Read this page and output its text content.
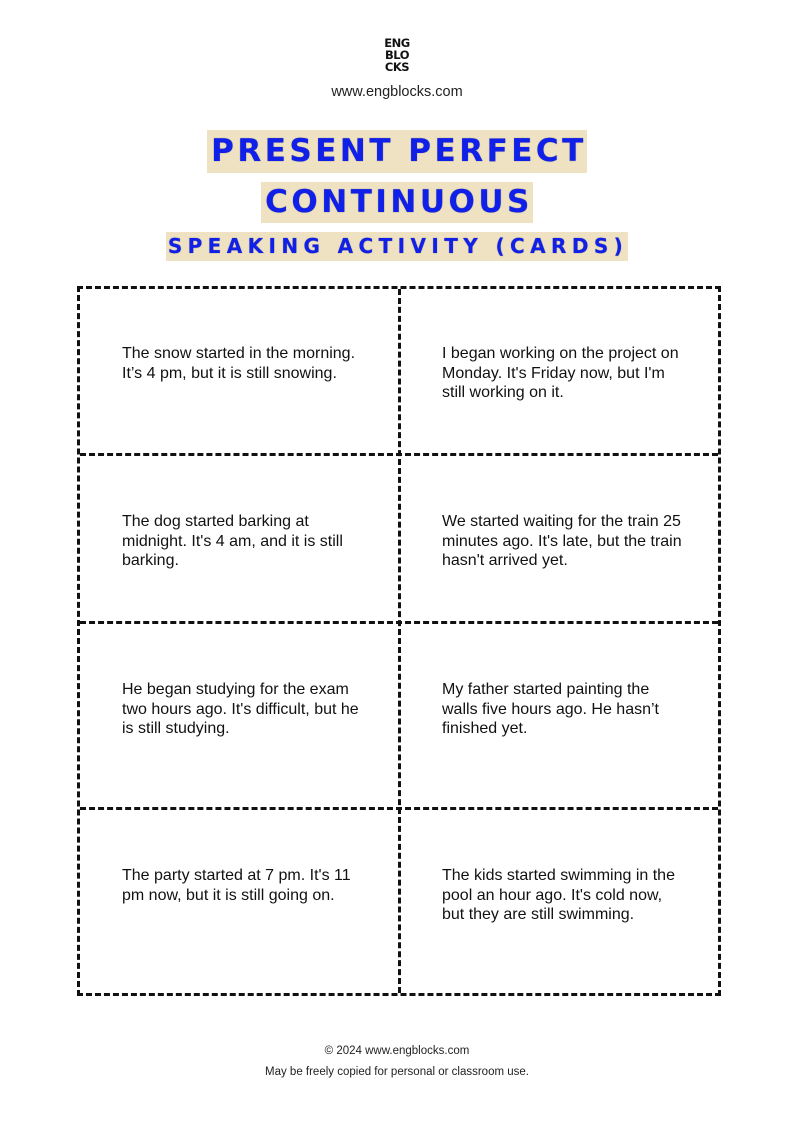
ENG
BLO
CKS
www.engblocks.com
PRESENT PERFECT
CONTINUOUS
SPEAKING ACTIVITY (CARDS)
The snow started in the morning. It’s 4 pm, but it is still snowing.
I began working on the project on Monday. It's Friday now, but I'm still working on it.
The dog started barking at midnight. It's 4 am, and it is still barking.
We started waiting for the train 25 minutes ago. It's late, but the train hasn't arrived yet.
He began studying for the exam two hours ago. It's difficult, but he is still studying.
My father started painting the walls five hours ago. He hasn’t finished yet.
The party started at 7 pm. It's 11 pm now, but it is still going on.
The kids started swimming in the pool an hour ago. It's cold now, but they are still swimming.
© 2024 www.engblocks.com
May be freely copied for personal or classroom use.
